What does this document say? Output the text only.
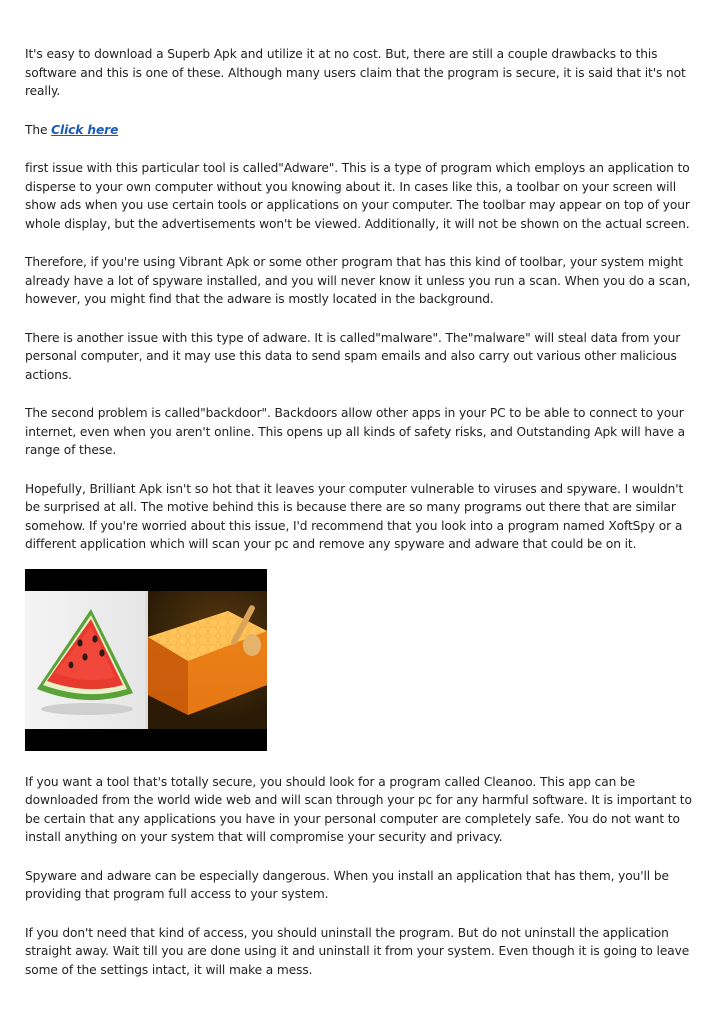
It's easy to download a Superb Apk and utilize it at no cost. But, there are still a couple drawbacks to this software and this is one of these. Although many users claim that the program is secure, it is said that it's not really.

The Click here

first issue with this particular tool is called"Adware". This is a type of program which employs an application to disperse to your own computer without you knowing about it. In cases like this, a toolbar on your screen will show ads when you use certain tools or applications on your computer. The toolbar may appear on top of your whole display, but the advertisements won't be viewed. Additionally, it will not be shown on the actual screen.

Therefore, if you're using Vibrant Apk or some other program that has this kind of toolbar, your system might already have a lot of spyware installed, and you will never know it unless you run a scan. When you do a scan, however, you might find that the adware is mostly located in the background.

There is another issue with this type of adware. It is called"malware". The"malware" will steal data from your personal computer, and it may use this data to send spam emails and also carry out various other malicious actions.

The second problem is called"backdoor". Backdoors allow other apps in your PC to be able to connect to your internet, even when you aren't online. This opens up all kinds of safety risks, and Outstanding Apk will have a range of these.

Hopefully, Brilliant Apk isn't so hot that it leaves your computer vulnerable to viruses and spyware. I wouldn't be surprised at all. The motive behind this is because there are so many programs out there that are similar somehow. If you're worried about this issue, I'd recommend that you look into a program named XoftSpy or a different application which will scan your pc and remove any spyware and adware that could be on it.

If you want a tool that's totally secure, you should look for a program called Cleanoo. This app can be downloaded from the world wide web and will scan through your pc for any harmful software. It is important to be certain that any applications you have in your personal computer are completely safe. You do not want to install anything on your system that will compromise your security and privacy.

Spyware and adware can be especially dangerous. When you install an application that has them, you'll be providing that program full access to your system.

If you don't need that kind of access, you should uninstall the program. But do not uninstall the application straight away. Wait till you are done using it and uninstall it from your system. Even though it is going to leave some of the settings intact, it will make a mess.
